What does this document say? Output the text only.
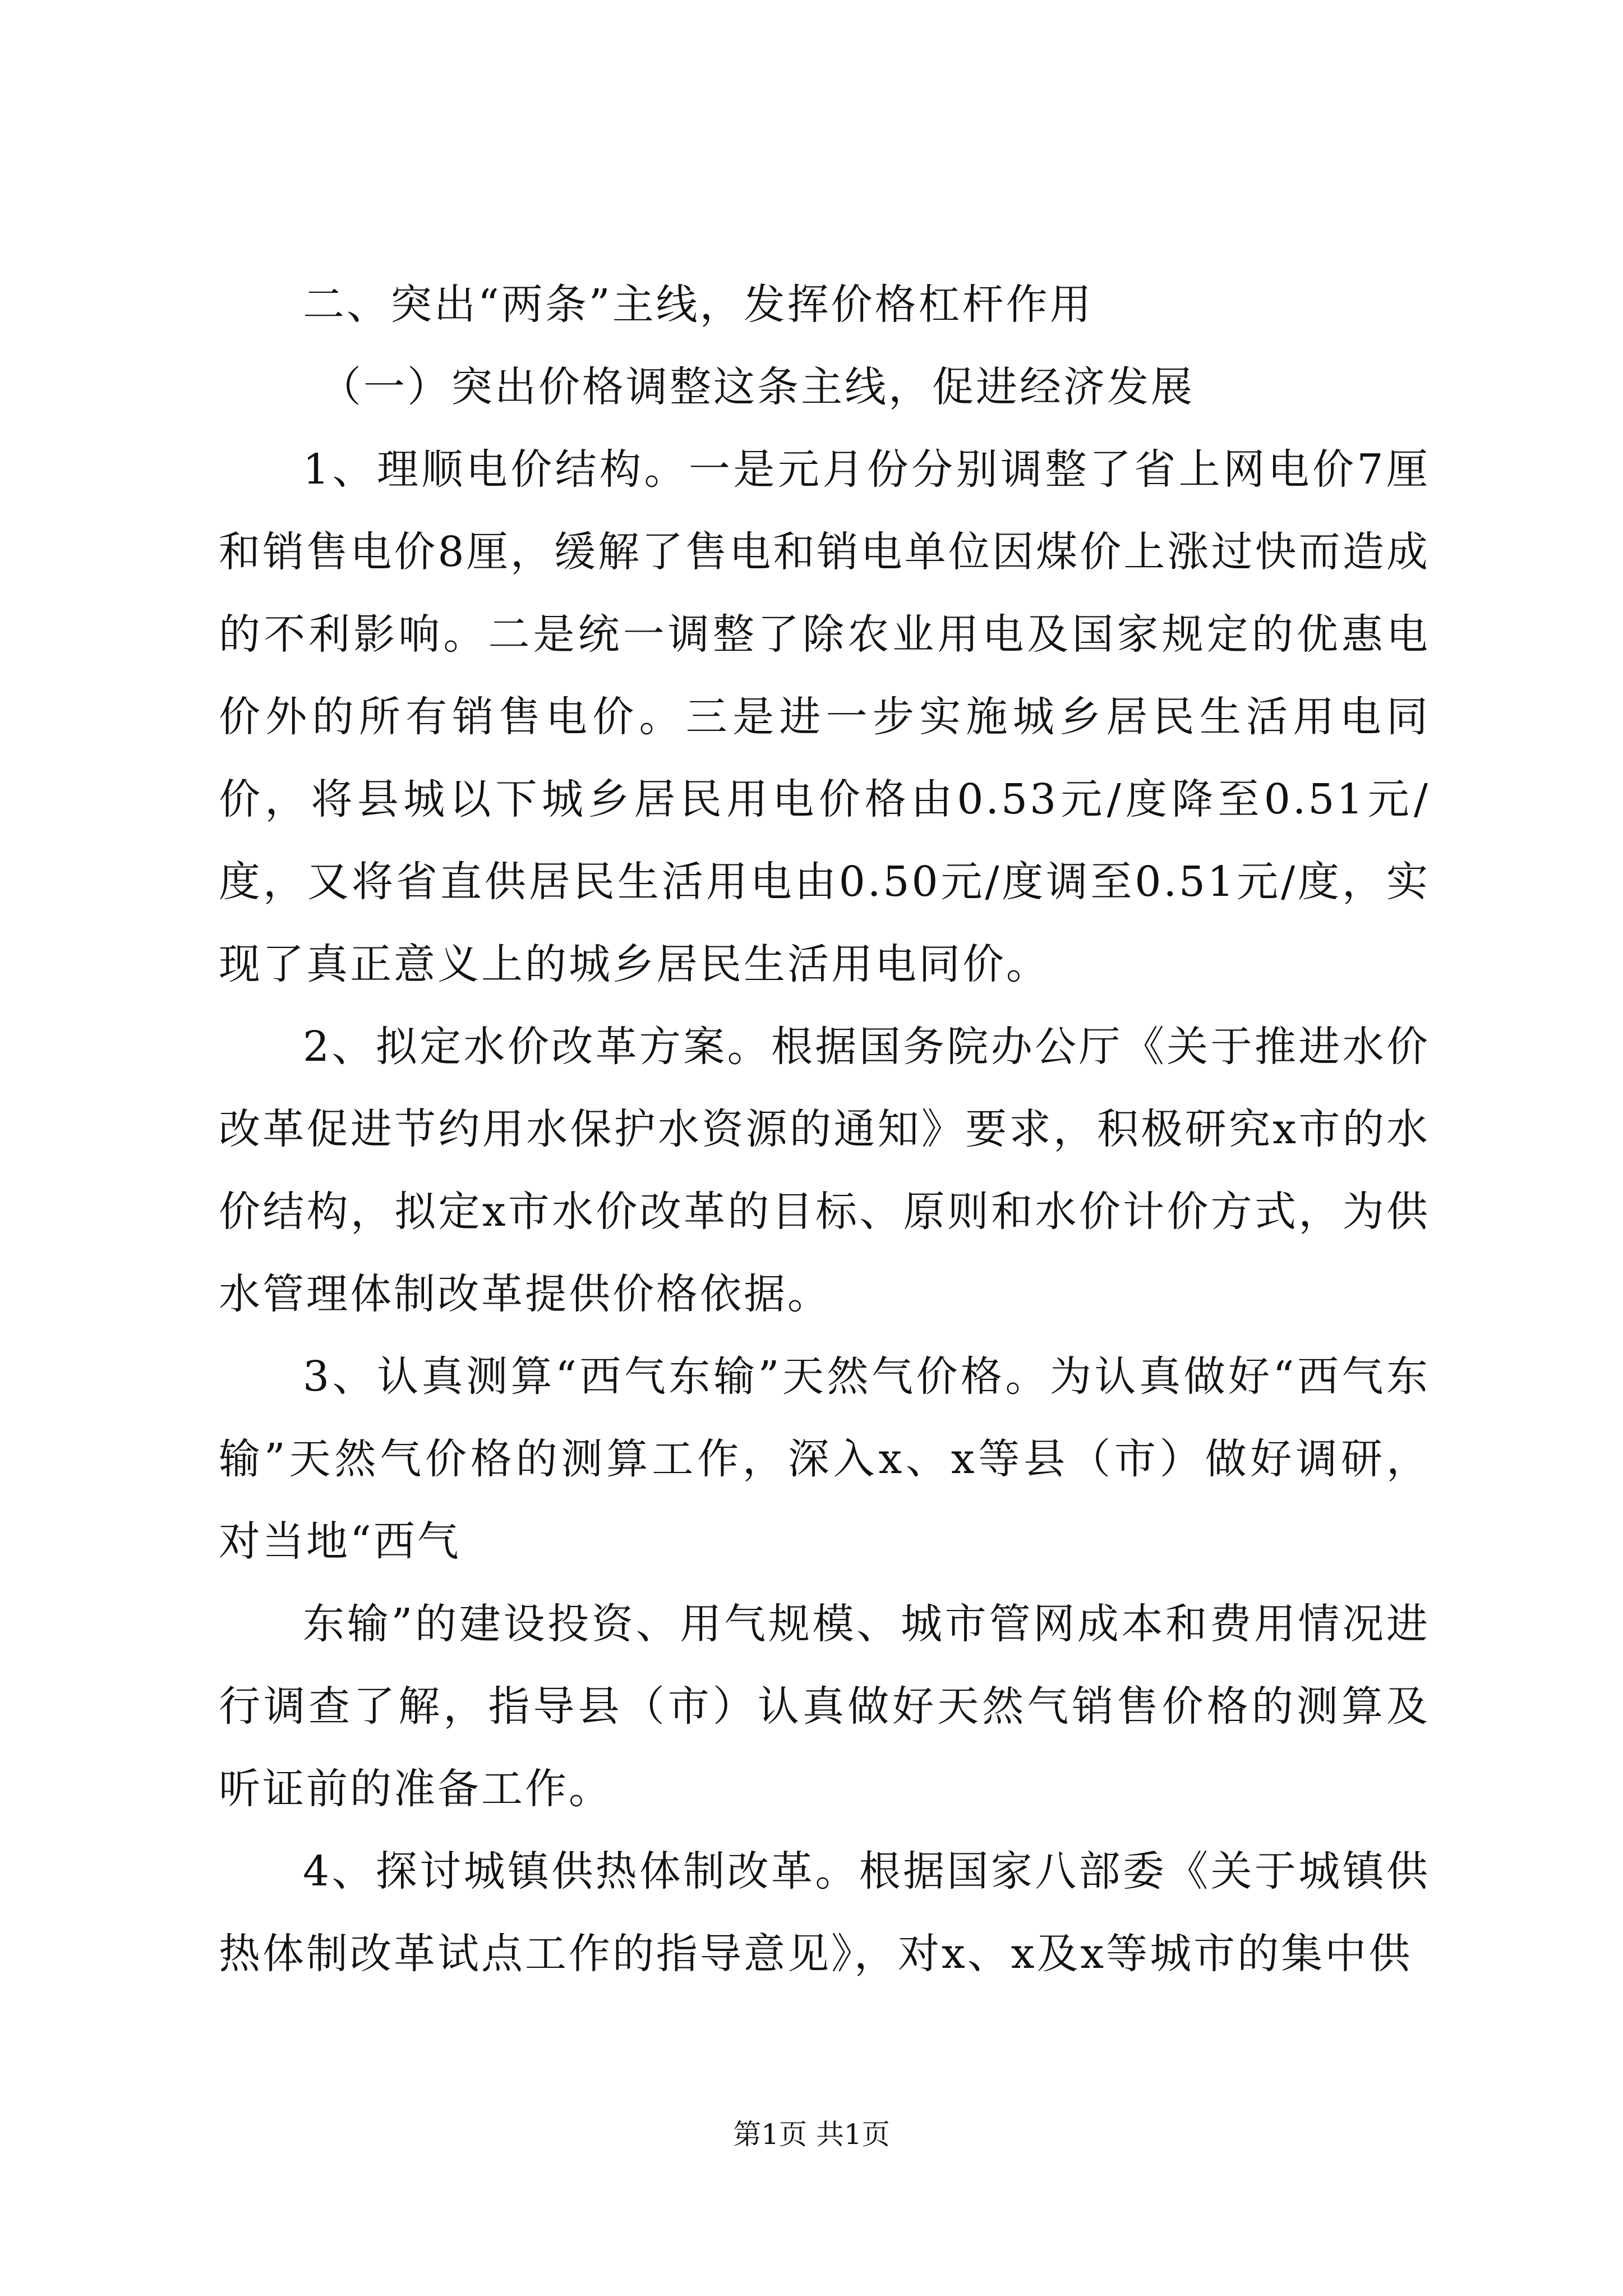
二、突出“两条”主线，发挥价格杠杆作用

（一）突出价格调整这条主线，促进经济发展

1、理顺电价结构。一是元月份分别调整了省上网电价7厘和销售电价8厘，缓解了售电和销电单位因煤价上涨过快而造成的不利影响。二是统一调整了除农业用电及国家规定的优惠电价外的所有销售电价。三是进一步实施城乡居民生活用电同价，将县城以下城乡居民用电价格由0.53元/度降至0.51元/度，又将省直供居民生活用电由0.50元/度调至0.51元/度，实现了真正意义上的城乡居民生活用电同价。

2、拟定水价改革方案。根据国务院办公厅《关于推进水价改革促进节约用水保护水资源的通知》要求，积极研究x市的水价结构，拟定x市水价改革的目标、原则和水价计价方式，为供水管理体制改革提供价格依据。

3、认真测算“西气东输”天然气价格。为认真做好“西气东输”天然气价格的测算工作，深入x、x等县（市）做好调研，对当地“西气

东输”的建设投资、用气规模、城市管网成本和费用情况进行调查了解，指导县（市）认真做好天然气销售价格的测算及听证前的准备工作。

4、探讨城镇供热体制改革。根据国家八部委《关于城镇供热体制改革试点工作的指导意见》，对x、x及x等城市的集中供

第1页 共1页
